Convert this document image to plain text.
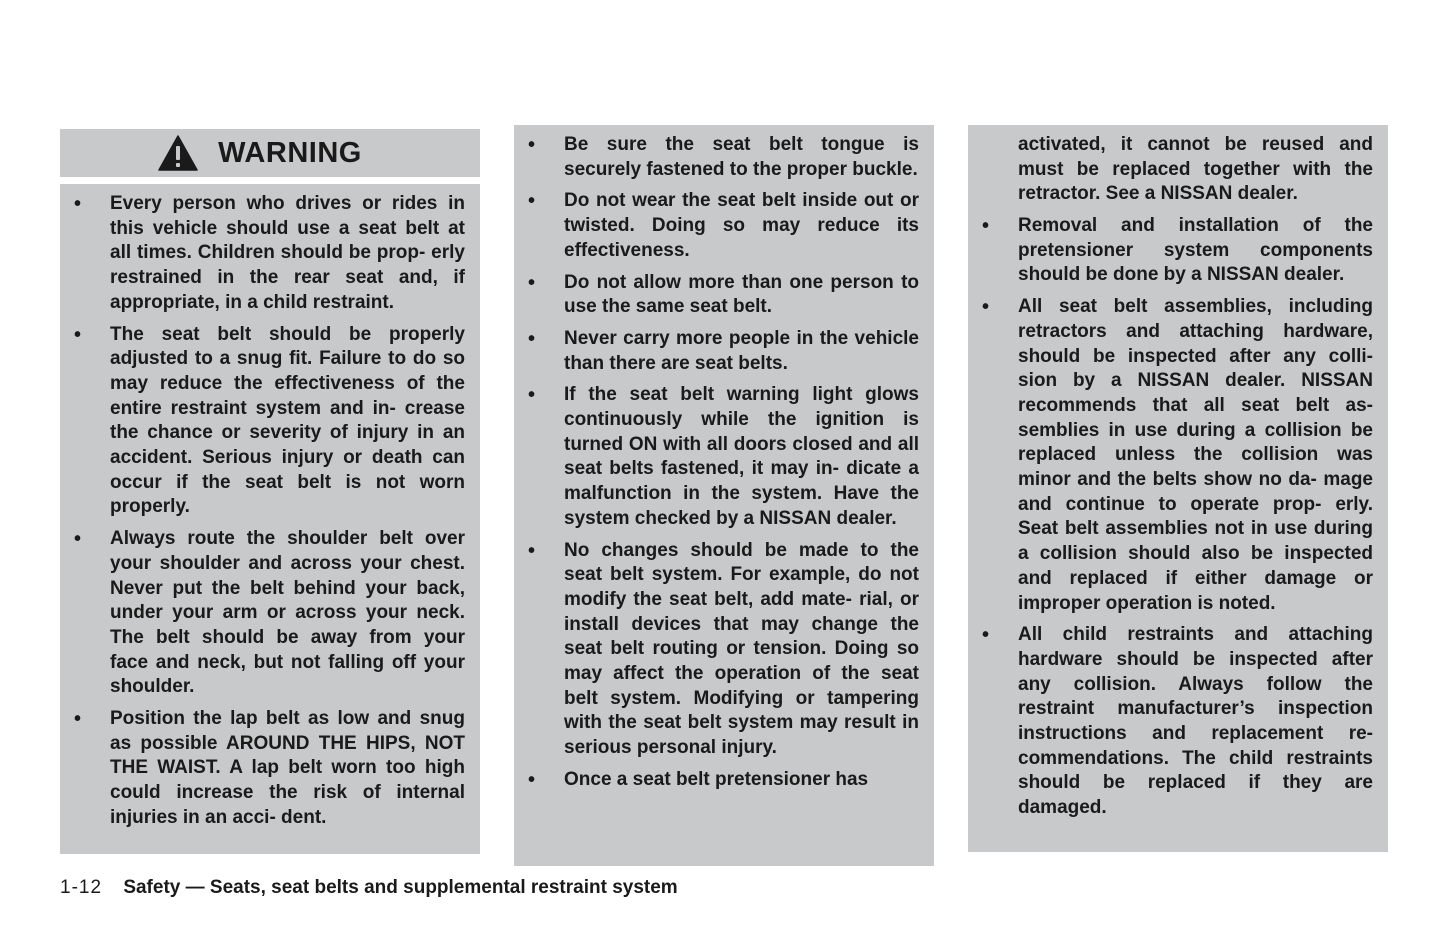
WARNING
• Every person who drives or rides in this vehicle should use a seat belt at all times. Children should be prop- erly restrained in the rear seat and, if appropriate, in a child restraint.
• The seat belt should be properly adjusted to a snug fit. Failure to do so may reduce the effectiveness of the entire restraint system and in- crease the chance or severity of injury in an accident. Serious injury or death can occur if the seat belt is not worn properly.
• Always route the shoulder belt over your shoulder and across your chest. Never put the belt behind your back, under your arm or across your neck. The belt should be away from your face and neck, but not falling off your shoulder.
• Position the lap belt as low and snug as possible AROUND THE HIPS, NOT THE WAIST. A lap belt worn too high could increase the risk of internal injuries in an acci- dent.
• Be sure the seat belt tongue is securely fastened to the proper buckle.
• Do not wear the seat belt inside out or twisted. Doing so may reduce its effectiveness.
• Do not allow more than one person to use the same seat belt.
• Never carry more people in the vehicle than there are seat belts.
• If the seat belt warning light glows continuously while the ignition is turned ON with all doors closed and all seat belts fastened, it may in- dicate a malfunction in the system. Have the system checked by a NISSAN dealer.
• No changes should be made to the seat belt system. For example, do not modify the seat belt, add mate- rial, or install devices that may change the seat belt routing or tension. Doing so may affect the operation of the seat belt system. Modifying or tampering with the seat belt system may result in serious personal injury.
• Once a seat belt pretensioner has
activated, it cannot be reused and must be replaced together with the retractor. See a NISSAN dealer.
• Removal and installation of the pretensioner system components should be done by a NISSAN dealer.
• All seat belt assemblies, including retractors and attaching hardware, should be inspected after any colli- sion by a NISSAN dealer. NISSAN recommends that all seat belt as- semblies in use during a collision be replaced unless the collision was minor and the belts show no da- mage and continue to operate prop- erly. Seat belt assemblies not in use during a collision should also be inspected and replaced if either damage or improper operation is noted.
• All child restraints and attaching hardware should be inspected after any collision. Always follow the restraint manufacturer’s inspection instructions and replacement re- commendations. The child restraints should be replaced if they are damaged.
1-12 Safety — Seats, seat belts and supplemental restraint system
